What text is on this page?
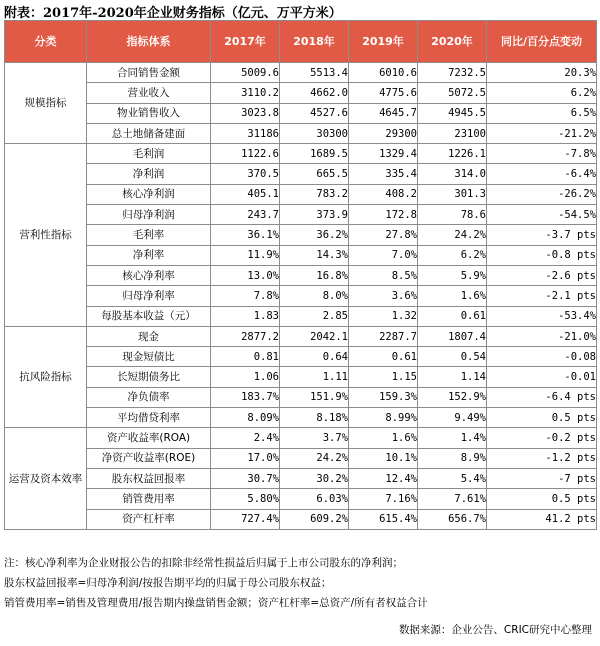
附表：2017年-2020年企业财务指标（亿元、万平方米）
分类	指标体系	2017年	2018年	2019年	2020年	同比/百分点变动
规模指标	合同销售金额	5009.6	5513.4	6010.6	7232.5	20.3%
	营业收入	3110.2	4662.0	4775.6	5072.5	6.2%
	物业销售收入	3023.8	4527.6	4645.7	4945.5	6.5%
	总土地储备建面	31186	30300	29300	23100	-21.2%
营利性指标	毛利润	1122.6	1689.5	1329.4	1226.1	-7.8%
	净利润	370.5	665.5	335.4	314.0	-6.4%
	核心净利润	405.1	783.2	408.2	301.3	-26.2%
	归母净利润	243.7	373.9	172.8	78.6	-54.5%
	毛利率	36.1%	36.2%	27.8%	24.2%	-3.7 pts
	净利率	11.9%	14.3%	7.0%	6.2%	-0.8 pts
	核心净利率	13.0%	16.8%	8.5%	5.9%	-2.6 pts
	归母净利率	7.8%	8.0%	3.6%	1.6%	-2.1 pts
	每股基本收益（元）	1.83	2.85	1.32	0.61	-53.4%
抗风险指标	现金	2877.2	2042.1	2287.7	1807.4	-21.0%
	现金短债比	0.81	0.64	0.61	0.54	-0.08
	长短期债务比	1.06	1.11	1.15	1.14	-0.01
	净负债率	183.7%	151.9%	159.3%	152.9%	-6.4 pts
	平均借贷利率	8.09%	8.18%	8.99%	9.49%	0.5 pts
运营及资本效率	资产收益率(ROA)	2.4%	3.7%	1.6%	1.4%	-0.2 pts
	净资产收益率(ROE)	17.0%	24.2%	10.1%	8.9%	-1.2 pts
	股东权益回报率	30.7%	30.2%	12.4%	5.4%	-7 pts
	销管费用率	5.80%	6.03%	7.16%	7.61%	0.5 pts
	资产杠杆率	727.4%	609.2%	615.4%	656.7%	41.2 pts
注：核心净利率为企业财报公告的扣除非经常性损益后归属于上市公司股东的净利润；
股东权益回报率=归母净利润/按报告期平均的归属于母公司股东权益；
销管费用率=销售及管理费用/报告期内操盘销售金额；资产杠杆率=总资产/所有者权益合计
数据来源：企业公告、CRIC研究中心整理
